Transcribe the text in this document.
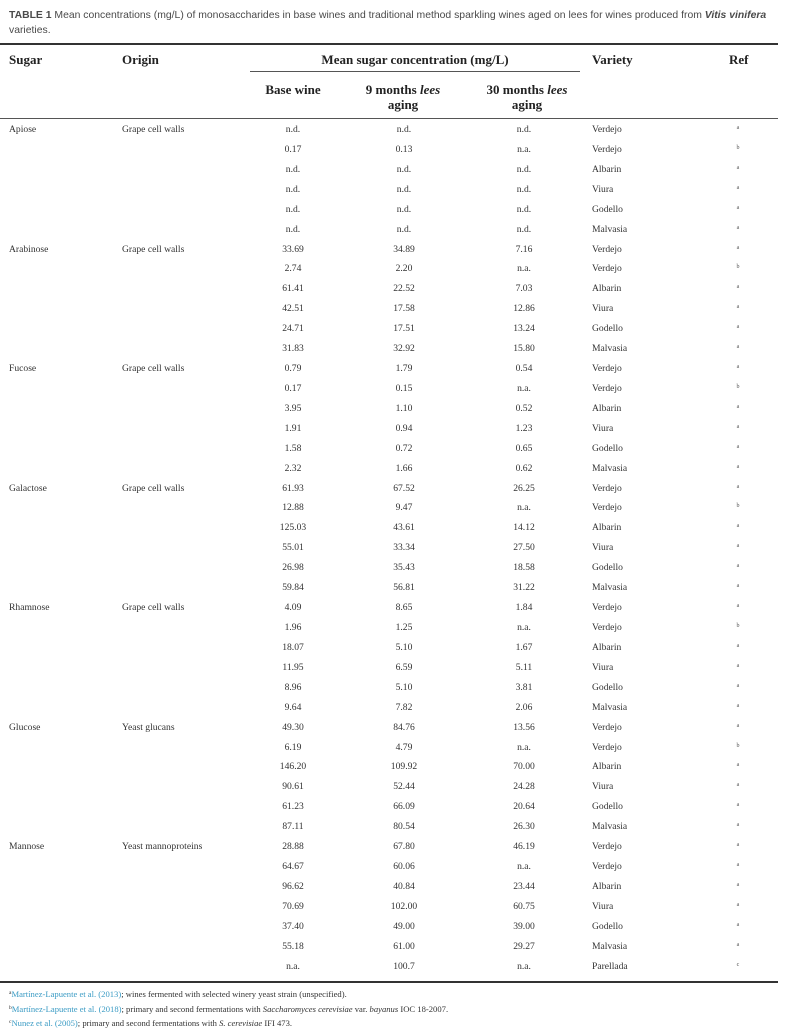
TABLE 1 Mean concentrations (mg/L) of monosaccharides in base wines and traditional method sparkling wines aged on lees for wines produced from Vitis vinifera varieties.
Sugar	Origin	Mean sugar concentration (mg/L)	Variety	Ref
Base wine	9 months lees
aging
30 months lees
aging
Apiose	Grape cell walls	n.d.	n.d.	n.d.	Verdejo	a
0.17	0.13	n.a.	Verdejo	b
n.d.	n.d.	n.d.	Albarin	a
n.d.	n.d.	n.d.	Viura	a
n.d.	n.d.	n.d.	Godello	a
n.d.	n.d.	n.d.	Malvasia	a
Arabinose	Grape cell walls	33.69	34.89	7.16	Verdejo	a
2.74	2.20	n.a.	Verdejo	b
61.41	22.52	7.03	Albarin	a
42.51	17.58	12.86	Viura	a
24.71	17.51	13.24	Godello	a
31.83	32.92	15.80	Malvasia	a
Fucose	Grape cell walls	0.79	1.79	0.54	Verdejo	a
0.17	0.15	n.a.	Verdejo	b
3.95	1.10	0.52	Albarin	a
1.91	0.94	1.23	Viura	a
1.58	0.72	0.65	Godello	a
2.32	1.66	0.62	Malvasia	a
Galactose	Grape cell walls	61.93	67.52	26.25	Verdejo	a
12.88	9.47	n.a.	Verdejo	b
125.03	43.61	14.12	Albarin	a
55.01	33.34	27.50	Viura	a
26.98	35.43	18.58	Godello	a
59.84	56.81	31.22	Malvasia	a
Rhamnose	Grape cell walls	4.09	8.65	1.84	Verdejo	a
1.96	1.25	n.a.	Verdejo	b
18.07	5.10	1.67	Albarin	a
11.95	6.59	5.11	Viura	a
8.96	5.10	3.81	Godello	a
9.64	7.82	2.06	Malvasia	a
Glucose	Yeast glucans	49.30	84.76	13.56	Verdejo	a
6.19	4.79	n.a.	Verdejo	b
146.20	109.92	70.00	Albarin	a
90.61	52.44	24.28	Viura	a
61.23	66.09	20.64	Godello	a
87.11	80.54	26.30	Malvasia	a
Mannose	Yeast mannoproteins	28.88	67.80	46.19	Verdejo	a
64.67	60.06	n.a.	Verdejo	a
96.62	40.84	23.44	Albarin	a
70.69	102.00	60.75	Viura	a
37.40	49.00	39.00	Godello	a
55.18	61.00	29.27	Malvasia	a
n.a.	100.7	n.a.	Parellada	c
$^a$Martínez-Lapuente et al. (2013); wines fermented with selected winery yeast strain (unspecified).
$^b$Martínez-Lapuente et al. (2018); primary and second fermentations with Saccharomyces cerevisiae var. bayanus IOC 18-2007.
$^c$Nunez et al. (2005); primary and second fermentations with S. cerevisiae IFI 473.
